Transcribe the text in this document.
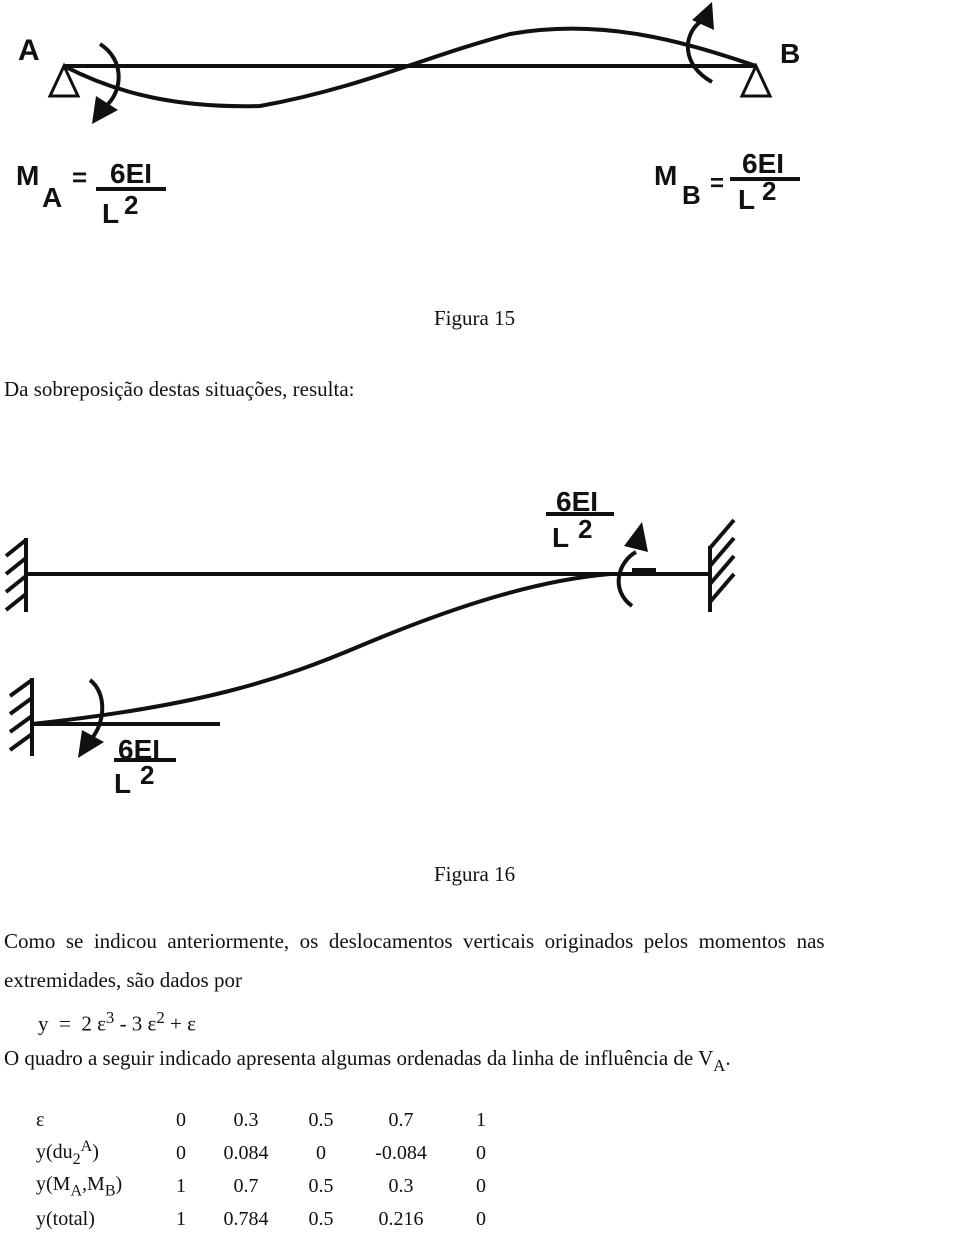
A	B
M
A
= 6EI
L 2
M
B =
6EI
L 2
Figura 15
Da sobreposição destas situações, resulta:
6EI
L 2
6EI
L 2
Figura 16
Como  se  indicou  anteriormente,  os  deslocamentos  verticais  originados  pelos  momentos  nas
extremidades, são dados por
y  =  2 $\varepsilon^3 - 3$ $\varepsilon^2 + \varepsilon$
O quadro a seguir indicado apresenta algumas ordenadas da linha de influência de $V_A$.
ε	0	0.3	0.5	0.7	1
$y(du_2^A)$	0	0.084	0	-0.084	0
$y(M_A,M_B)$	1	0.7	0.5	0.3	0
y(total)	1	0.784	0.5	0.216	0
